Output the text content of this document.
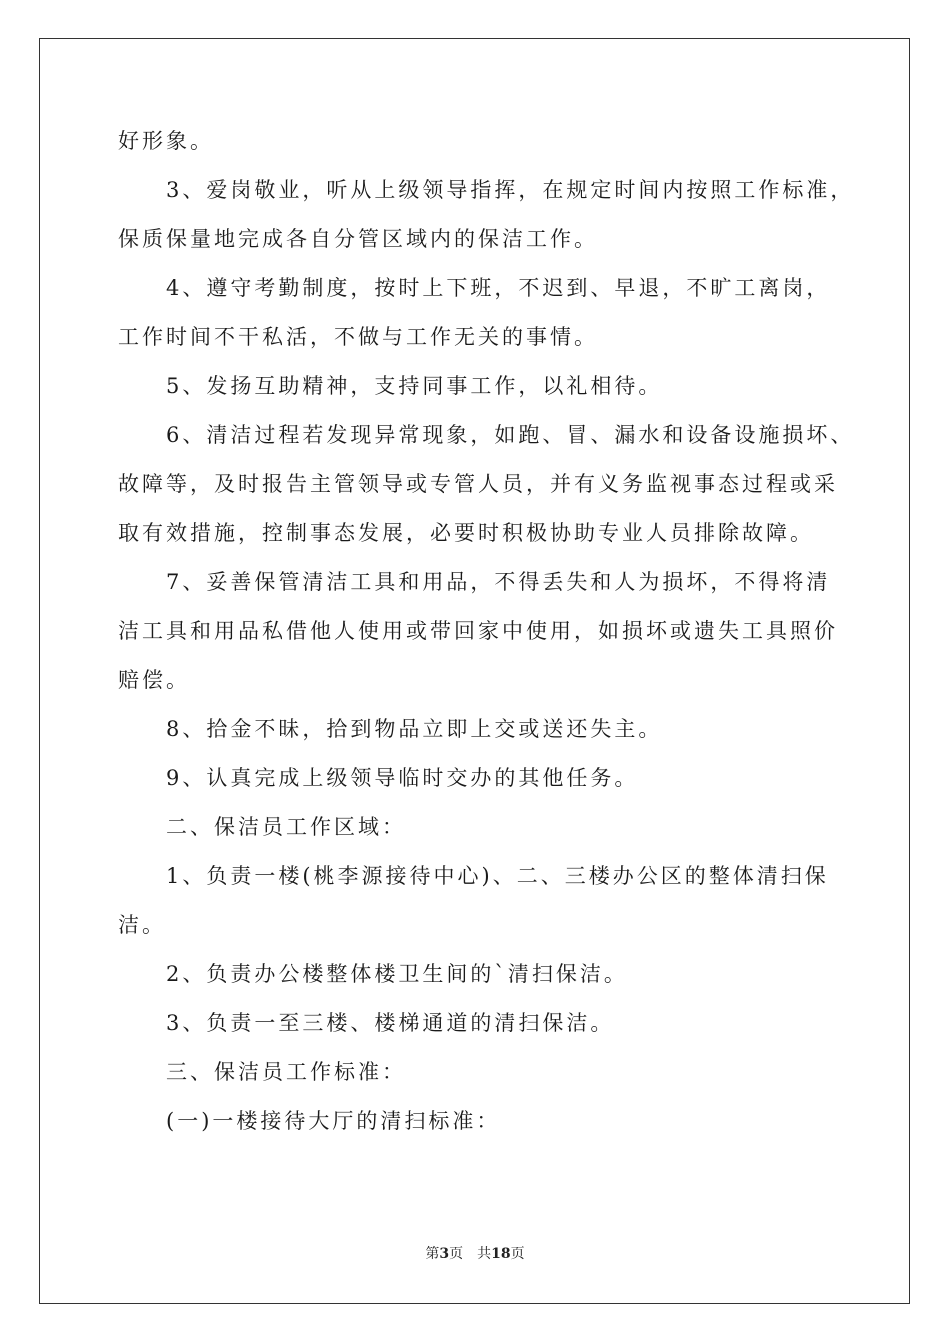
好形象。
3、爱岗敬业，听从上级领导指挥，在规定时间内按照工作标准，
保质保量地完成各自分管区域内的保洁工作。
4、遵守考勤制度，按时上下班，不迟到、早退，不旷工离岗，
工作时间不干私活，不做与工作无关的事情。
5、发扬互助精神，支持同事工作，以礼相待。
6、清洁过程若发现异常现象，如跑、冒、漏水和设备设施损坏、
故障等，及时报告主管领导或专管人员，并有义务监视事态过程或采
取有效措施，控制事态发展，必要时积极协助专业人员排除故障。
7、妥善保管清洁工具和用品，不得丢失和人为损坏，不得将清
洁工具和用品私借他人使用或带回家中使用，如损坏或遗失工具照价
赔偿。
8、拾金不昧，拾到物品立即上交或送还失主。
9、认真完成上级领导临时交办的其他任务。
二、保洁员工作区域：
1、负责一楼(桃李源接待中心)、二、三楼办公区的整体清扫保
洁。
2、负责办公楼整体楼卫生间的`清扫保洁。
3、负责一至三楼、楼梯通道的清扫保洁。
三、保洁员工作标准：
(一)一楼接待大厅的清扫标准：
第3页 共18页
